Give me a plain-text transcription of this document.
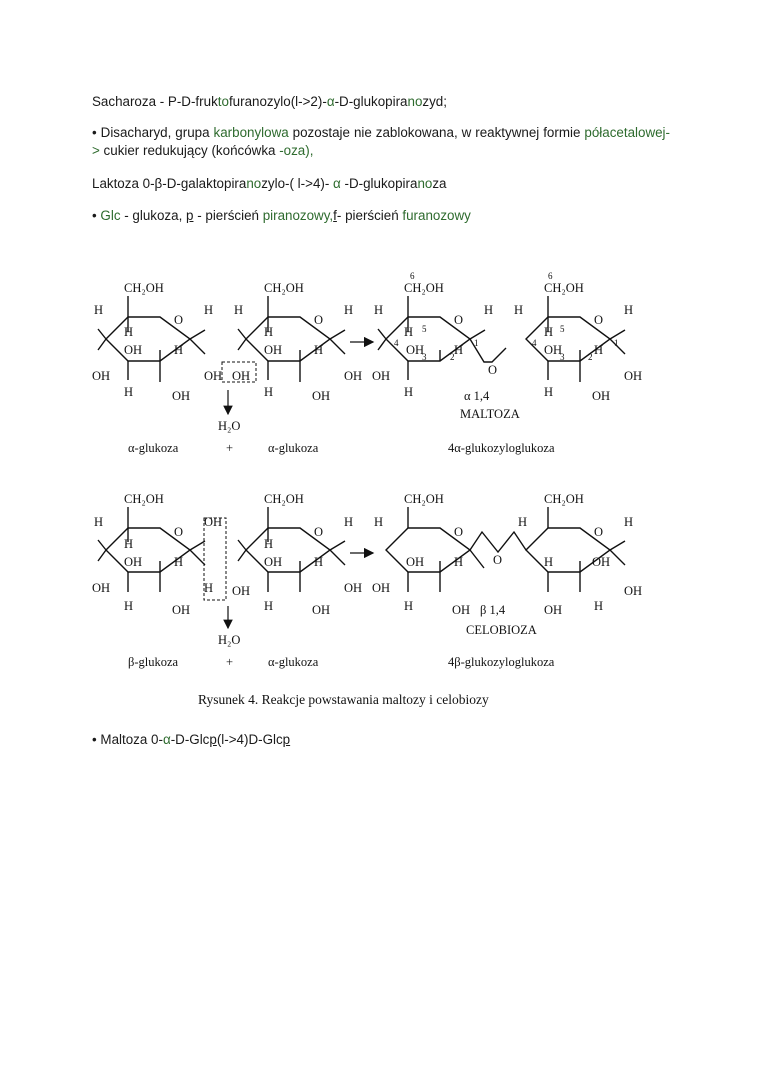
Sacharoza - P-D-fruktofuranozylo(l->2)-α-D-glukopiranozyd;
• Disacharyd, grupa karbonylowa pozostaje nie zablokowana, w reaktywnej formie półacetalowej-> cukier redukujący (końcówka -oza),
Laktoza 0-β-D-galaktopiranozylo-( l->4)- α -D-glukopiranoza
• Glc - glukoza, p - pierścień piranozowy,f- pierścień furanozowy
CH₂OH	CH₂OH	CH₂OH	CH₂OH
6	6
O	O	O	O
O
H
H
H
H
H H
H
H
H
H H
H
H
H
H H
H
H
H
H
OH
OH
OH
OH OH
OH
OH
OH OH
OH	OH
OH
OH
5
4
3	2
1
5
4
3	2
1
H₂O
+
α-glukoza	α-glukoza	4α-glukozyloglukoza
α 1,4
MALTOZA
CH₂OH	CH₂OH	CH₂OH	CH₂OH
O	O	O	O
O
H
H
H
H
H
H
H
H
H H
H
H
H
H
H
H
OH
OH
OH
OH
OH
OH
OH
OH OH
OH
OH	OH
OH
OH
H₂O
+
β-glukoza	α-glukoza	4β-glukozyloglukoza
β 1,4
CELOBIOZA
Rysunek 4. Reakcje powstawania maltozy i celobiozy
• Maltoza 0-α-D-Glcp(l->4)D-Glcp
